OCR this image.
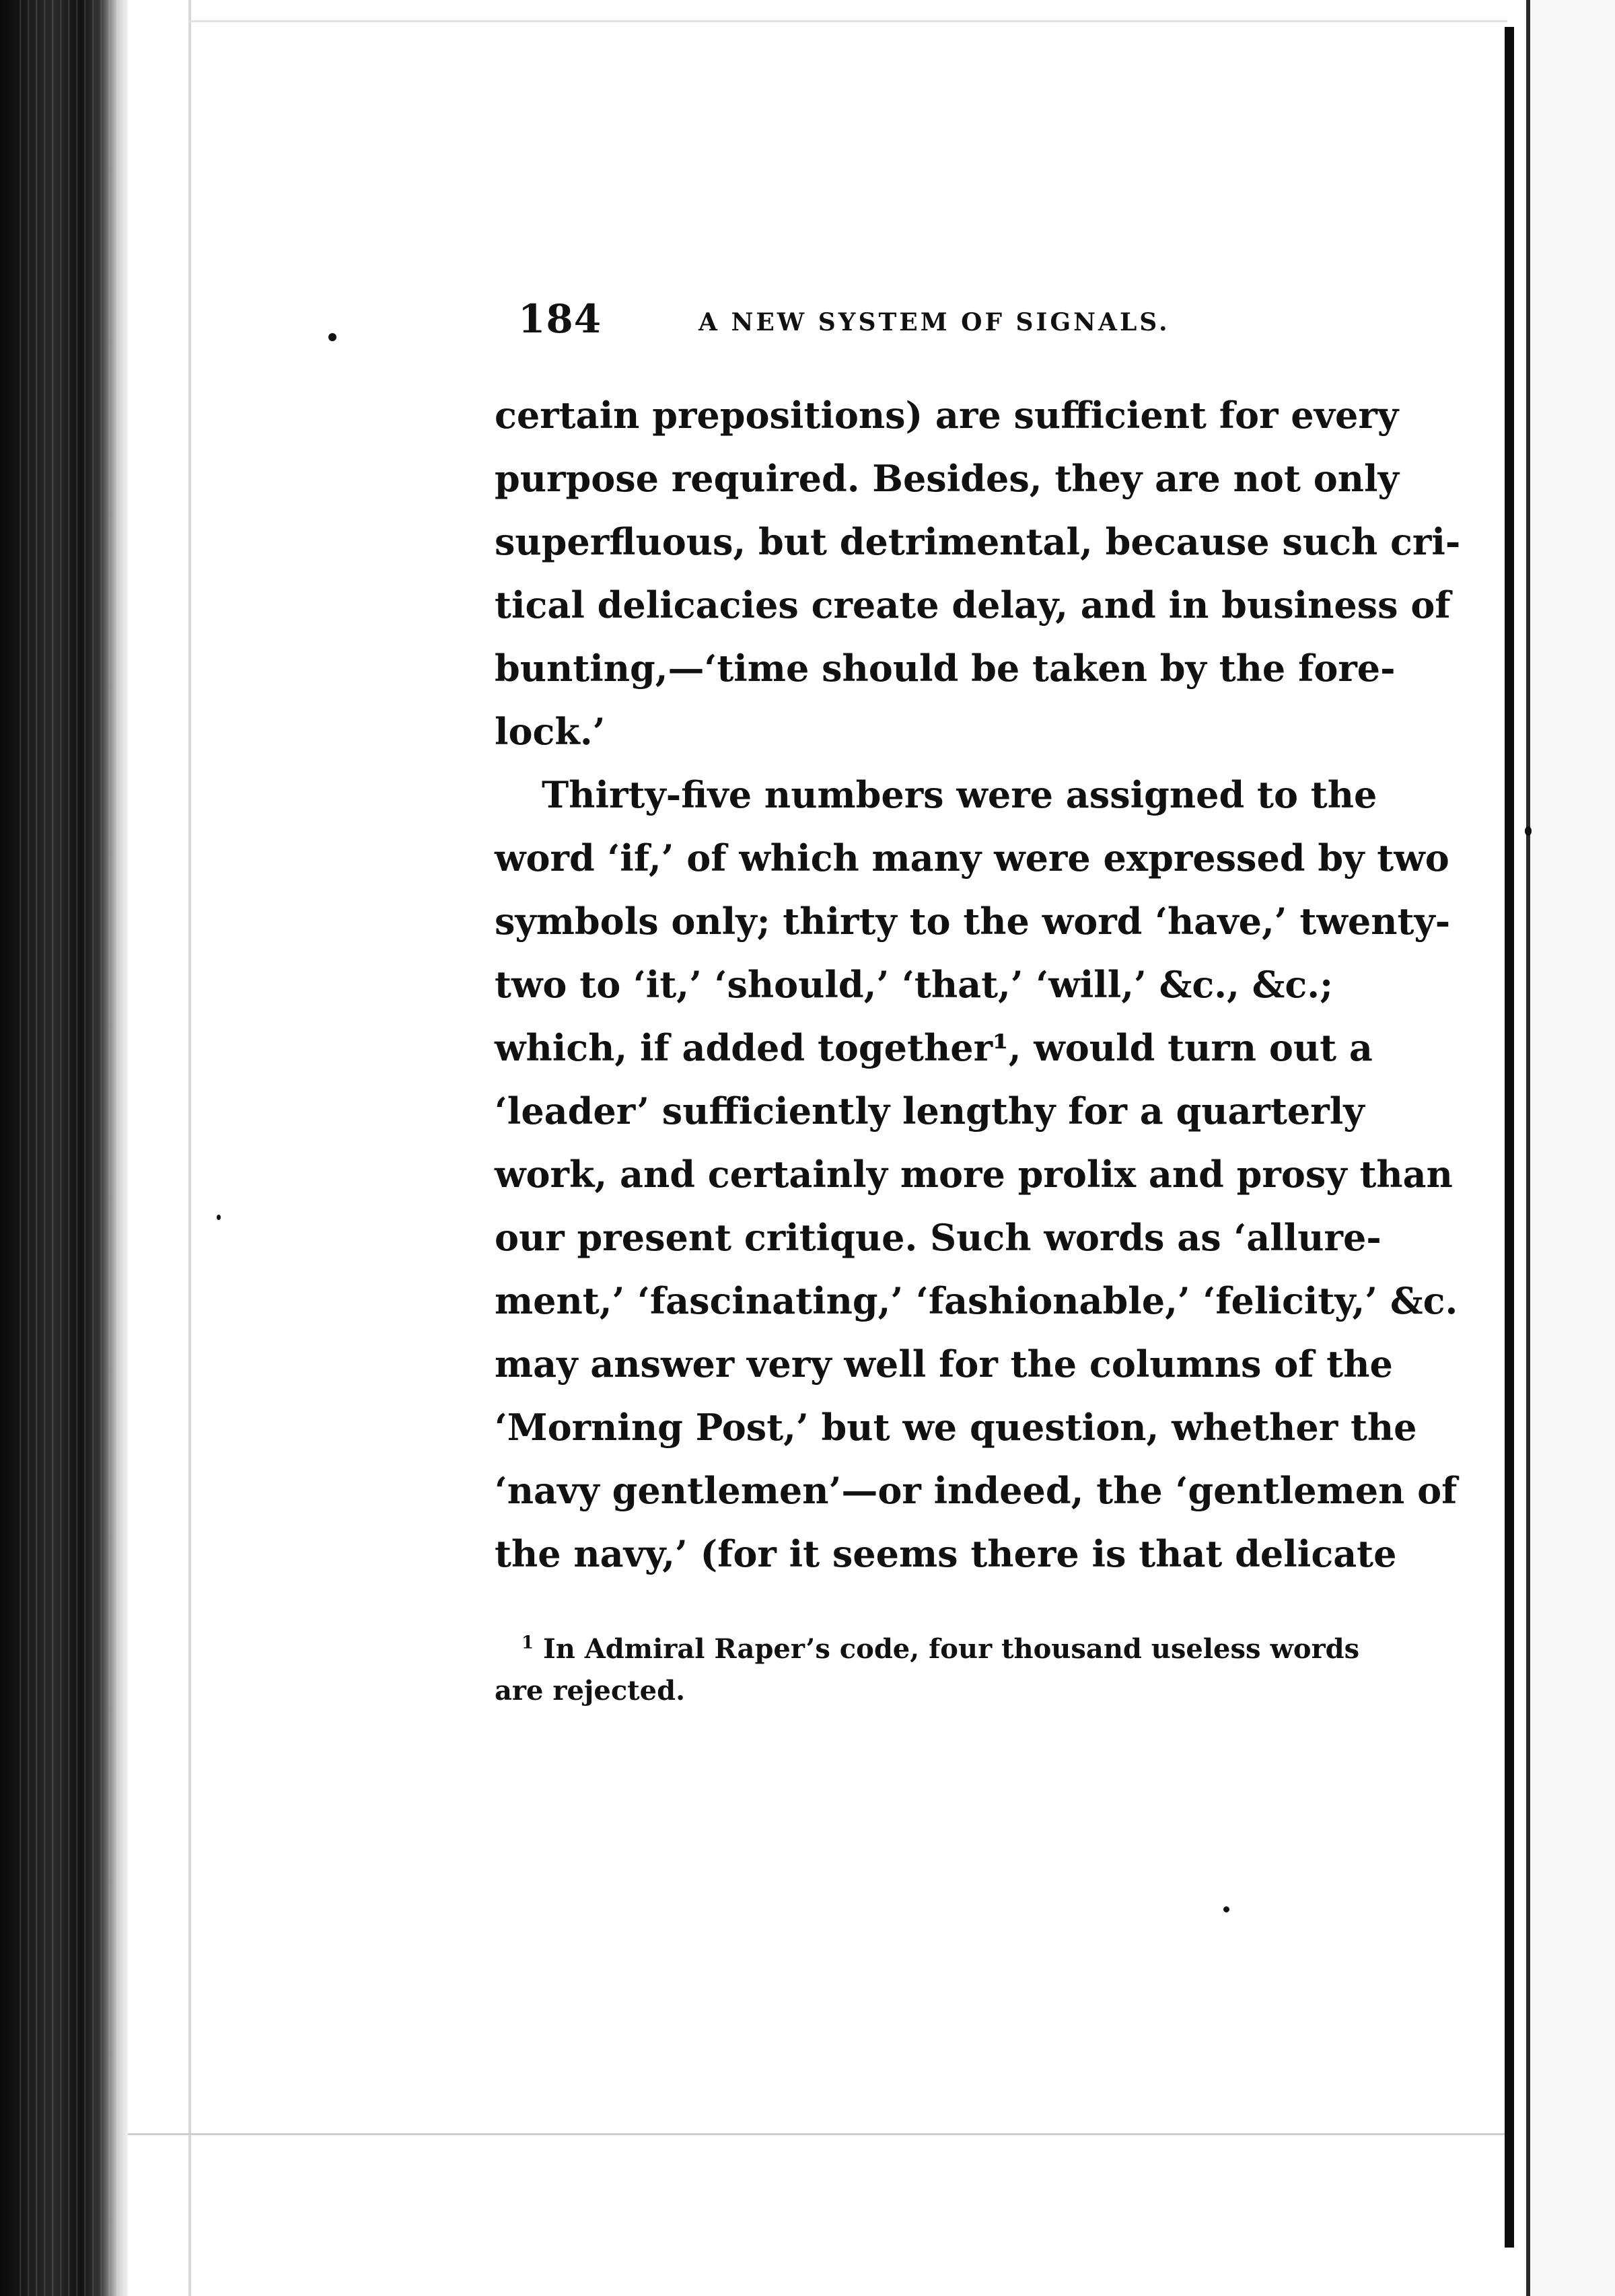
184	A NEW SYSTEM OF SIGNALS.
certain prepositions) are sufficient for every
purpose required. Besides, they are not only
superfluous, but detrimental, because such cri-
tical delicacies create delay, and in business of
bunting,—‘time should be taken by the fore-
lock.’
Thirty-five numbers were assigned to the
word ‘if,’ of which many were expressed by two
symbols only; thirty to the word ‘have,’ twenty-
two to ‘it,’ ‘should,’ ‘that,’ ‘will,’ &c., &c.;
which, if added together¹, would turn out a
‘leader’ sufficiently lengthy for a quarterly
work, and certainly more prolix and prosy than
our present critique. Such words as ‘allure-
ment,’ ‘fascinating,’ ‘fashionable,’ ‘felicity,’ &c.
may answer very well for the columns of the
‘Morning Post,’ but we question, whether the
‘navy gentlemen’—or indeed, the ‘gentlemen of
the navy,’ (for it seems there is that delicate
$^1$ In Admiral Raper’s code, four thousand useless words
are rejected.
